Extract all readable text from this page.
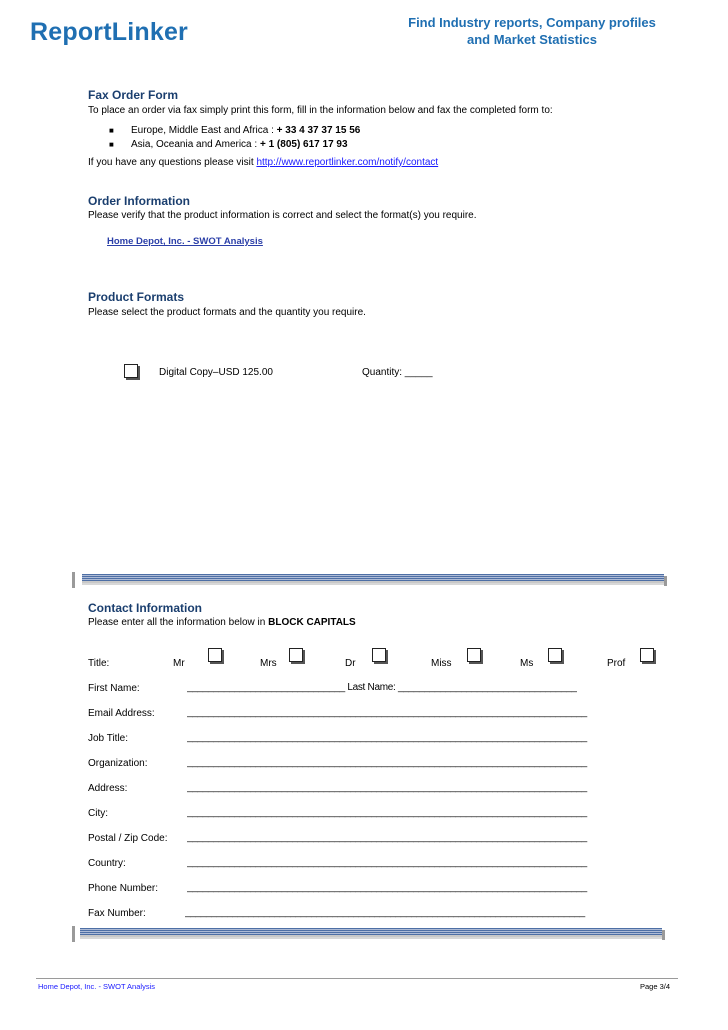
ReportLinker	Find Industry reports, Company profiles
and Market Statistics
Fax Order Form
To place an order via fax simply print this form, fill in the information below and fax the completed form to:
■ Europe, Middle East and Africa : + 33 4 37 37 15 56
■ Asia, Oceania and America : + 1 (805) 617 17 93
If you have any questions please visit http://www.reportlinker.com/notify/contact
Order Information
Please verify that the product information is correct and select the format(s) you require.
Home Depot, Inc. - SWOT Analysis
Product Formats
Please select the product formats and the quantity you require.
Digital Copy–USD 125.00	Quantity: _____
Contact Information
Please enter all the information below in BLOCK CAPITALS
Title:	Mr	Mrs	Dr	Miss	Ms	Prof
First Name:	______________________________ Last Name: __________________________________
Email Address:	____________________________________________________________________________
Job Title:	____________________________________________________________________________
Organization:	____________________________________________________________________________
Address:	____________________________________________________________________________
City:	____________________________________________________________________________
Postal / Zip Code: ____________________________________________________________________________
Country:	____________________________________________________________________________
Phone Number:	____________________________________________________________________________
Fax Number:	____________________________________________________________________________
Home Depot, Inc. - SWOT Analysis	Page 3/4
